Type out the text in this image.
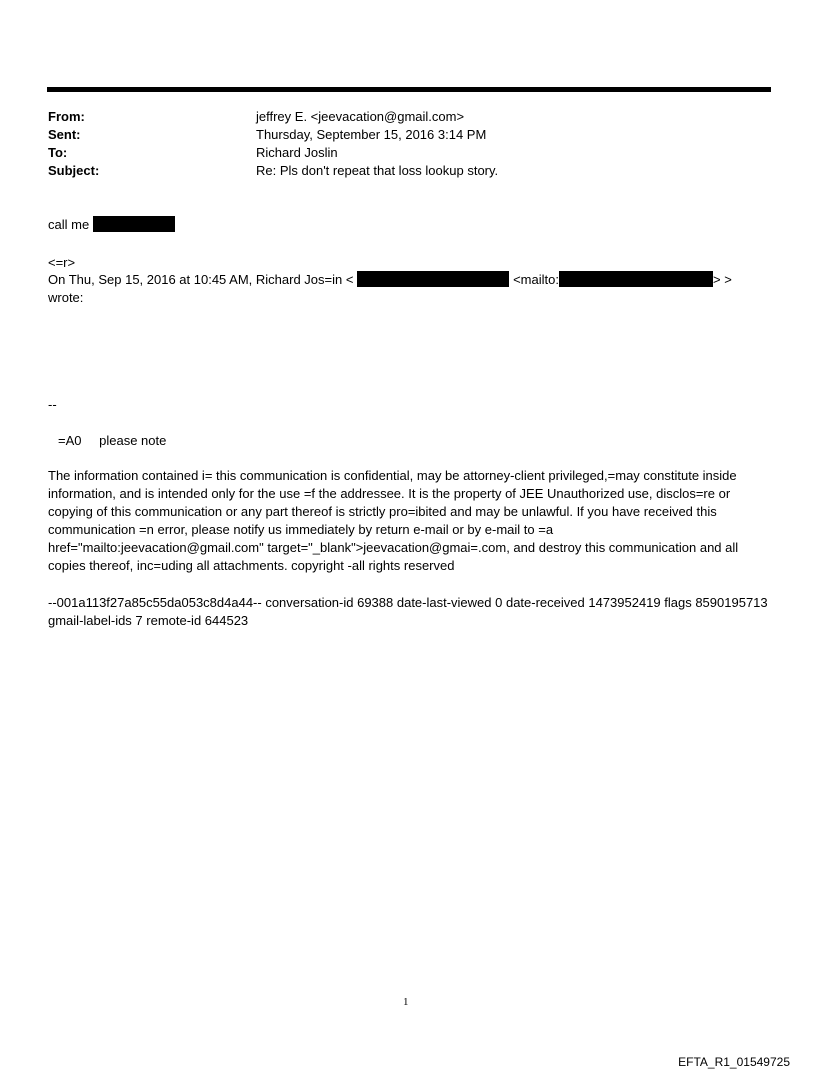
From:	jeffrey E. <jeevacation@gmail.com>
Sent:	Thursday, September 15, 2016 3:14 PM
To:	Richard Joslin
Subject:	Re: Pls don't repeat that loss lookup story.
call me
<=r>
On Thu, Sep 15, 2016 at 10:45 AM, Richard Jos=in <	<mailto:	> >
wrote:
--
=A0 please note
The information contained i= this communication is confidential, may be attorney-client privileged,=may constitute inside information, and is intended only for the use =f the addressee. It is the property of JEE Unauthorized use, disclos=re or copying of this communication or any part thereof is strictly pro=ibited and may be unlawful. If you have received this communication =n error, please notify us immediately by return e-mail or by e-mail to =a href="mailto:jeevacation@gmail.com" target="_blank">jeevacation@gmai=.com, and destroy this communication and all copies thereof, inc=uding all attachments. copyright -all rights reserved
--001a113f27a85c55da053c8d4a44-- conversation-id 69388 date-last-viewed 0 date-received 1473952419 flags 8590195713 gmail-label-ids 7 remote-id 644523
1
EFTA_R1_01549725
